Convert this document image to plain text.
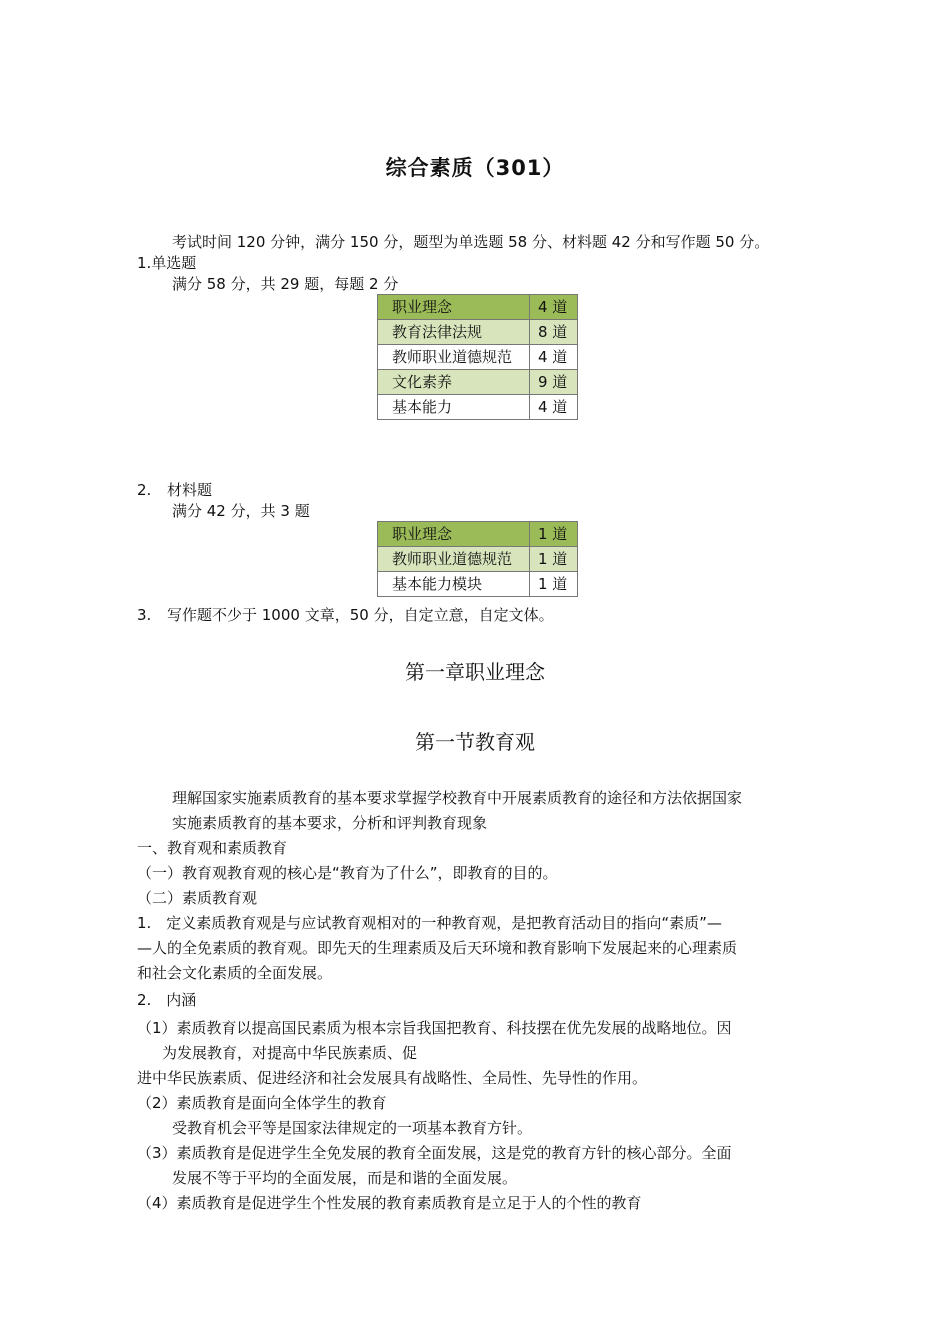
综合素质（301）
考试时间 120 分钟，满分 150 分，题型为单选题 58 分、材料题 42 分和写作题 50 分。
1.单选题
满分 58 分，共 29 题，每题 2 分
职业理念	4 道
教育法律法规	8 道
教师职业道德规范	4 道
文化素养	9 道
基本能力	4 道
2. 材料题
满分 42 分，共 3 题
职业理念	1 道
教师职业道德规范	1 道
基本能力模块	1 道
3. 写作题不少于 1000 文章，50 分，自定立意，自定文体。
第一章职业理念
第一节教育观
理解国家实施素质教育的基本要求掌握学校教育中开展素质教育的途径和方法依据国家
实施素质教育的基本要求，分析和评判教育现象
一、教育观和素质教育
（一）教育观教育观的核心是“教育为了什么”，即教育的目的。
（二）素质教育观
1.　定义素质教育观是与应试教育观相对的一种教育观，是把教育活动目的指向“素质”—
—人的全免素质的教育观。即先天的生理素质及后天环境和教育影响下发展起来的心理素质
和社会文化素质的全面发展。
2.　内涵
（1）素质教育以提高国民素质为根本宗旨我国把教育、科技摆在优先发展的战略地位。因
为发展教育，对提高中华民族素质、促
进中华民族素质、促进经济和社会发展具有战略性、全局性、先导性的作用。
（2）素质教育是面向全体学生的教育
受教育机会平等是国家法律规定的一项基本教育方针。
（3）素质教育是促进学生全免发展的教育全面发展，这是党的教育方针的核心部分。全面
发展不等于平均的全面发展，而是和谐的全面发展。
（4）素质教育是促进学生个性发展的教育素质教育是立足于人的个性的教育
